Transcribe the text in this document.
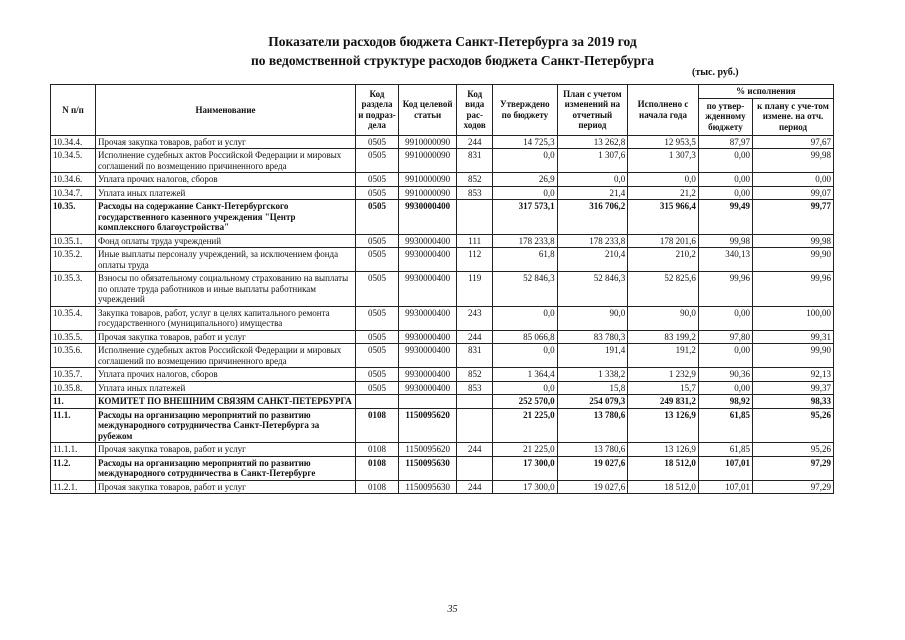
Показатели расходов бюджета Санкт-Петербурга за 2019 год
по ведомственной структуре расходов бюджета Санкт-Петербурга
(тыс. руб.)
N п/п	Наименование	Код раздела и подраз-дела	Код целевой статьи	Код вида рас-ходов	Утверждено по бюджету	План с учетом изменений на отчетный период	Исполнено с начала года	% исполнения	
								по утвер-жденному бюджету	к плану с уче-том измене. на отч. период
10.34.4.	Прочая закупка товаров, работ и услуг	0505	9910000090	244	14 725,3	13 262,8	12 953,5	87,97	97,67
10.34.5.	Исполнение судебных актов Российской Федерации и мировых соглашений по возмещению причиненного вреда	0505	9910000090	831	0,0	1 307,6	1 307,3	0,00	99,98
10.34.6.	Уплата прочих налогов, сборов	0505	9910000090	852	26,9	0,0	0,0	0,00	0,00
10.34.7.	Уплата иных платежей	0505	9910000090	853	0,0	21,4	21,2	0,00	99,07
10.35.	Расходы на содержание Санкт-Петербургского государственного казенного учреждения "Центр комплексного благоустройства"	0505	9930000400		317 573,1	316 706,2	315 966,4	99,49	99,77
10.35.1.	Фонд оплаты труда учреждений	0505	9930000400	111	178 233,8	178 233,8	178 201,6	99,98	99,98
10.35.2.	Иные выплаты персоналу учреждений, за исключением фонда оплаты труда	0505	9930000400	112	61,8	210,4	210,2	340,13	99,90
10.35.3.	Взносы по обязательному социальному страхованию на выплаты по оплате труда работников и иные выплаты работникам учреждений	0505	9930000400	119	52 846,3	52 846,3	52 825,6	99,96	99,96
10.35.4.	Закупка товаров, работ, услуг в целях капитального ремонта государственного (муниципального) имущества	0505	9930000400	243	0,0	90,0	90,0	0,00	100,00
10.35.5.	Прочая закупка товаров, работ и услуг	0505	9930000400	244	85 066,8	83 780,3	83 199,2	97,80	99,31
10.35.6.	Исполнение судебных актов Российской Федерации и мировых соглашений по возмещению причиненного вреда	0505	9930000400	831	0,0	191,4	191,2	0,00	99,90
10.35.7.	Уплата прочих налогов, сборов	0505	9930000400	852	1 364,4	1 338,2	1 232,9	90,36	92,13
10.35.8.	Уплата иных платежей	0505	9930000400	853	0,0	15,8	15,7	0,00	99,37
11.	КОМИТЕТ ПО ВНЕШНИМ СВЯЗЯМ САНКТ-ПЕТЕРБУРГА				252 570,0	254 079,3	249 831,2	98,92	98,33
11.1.	Расходы на организацию мероприятий по развитию международного сотрудничества Санкт-Петербурга за рубежом	0108	1150095620		21 225,0	13 780,6	13 126,9	61,85	95,26
11.1.1.	Прочая закупка товаров, работ и услуг	0108	1150095620	244	21 225,0	13 780,6	13 126,9	61,85	95,26
11.2.	Расходы на организацию мероприятий по развитию международного сотрудничества в Санкт-Петербурге	0108	1150095630		17 300,0	19 027,6	18 512,0	107,01	97,29
11.2.1.	Прочая закупка товаров, работ и услуг	0108	1150095630	244	17 300,0	19 027,6	18 512,0	107,01	97,29
35
